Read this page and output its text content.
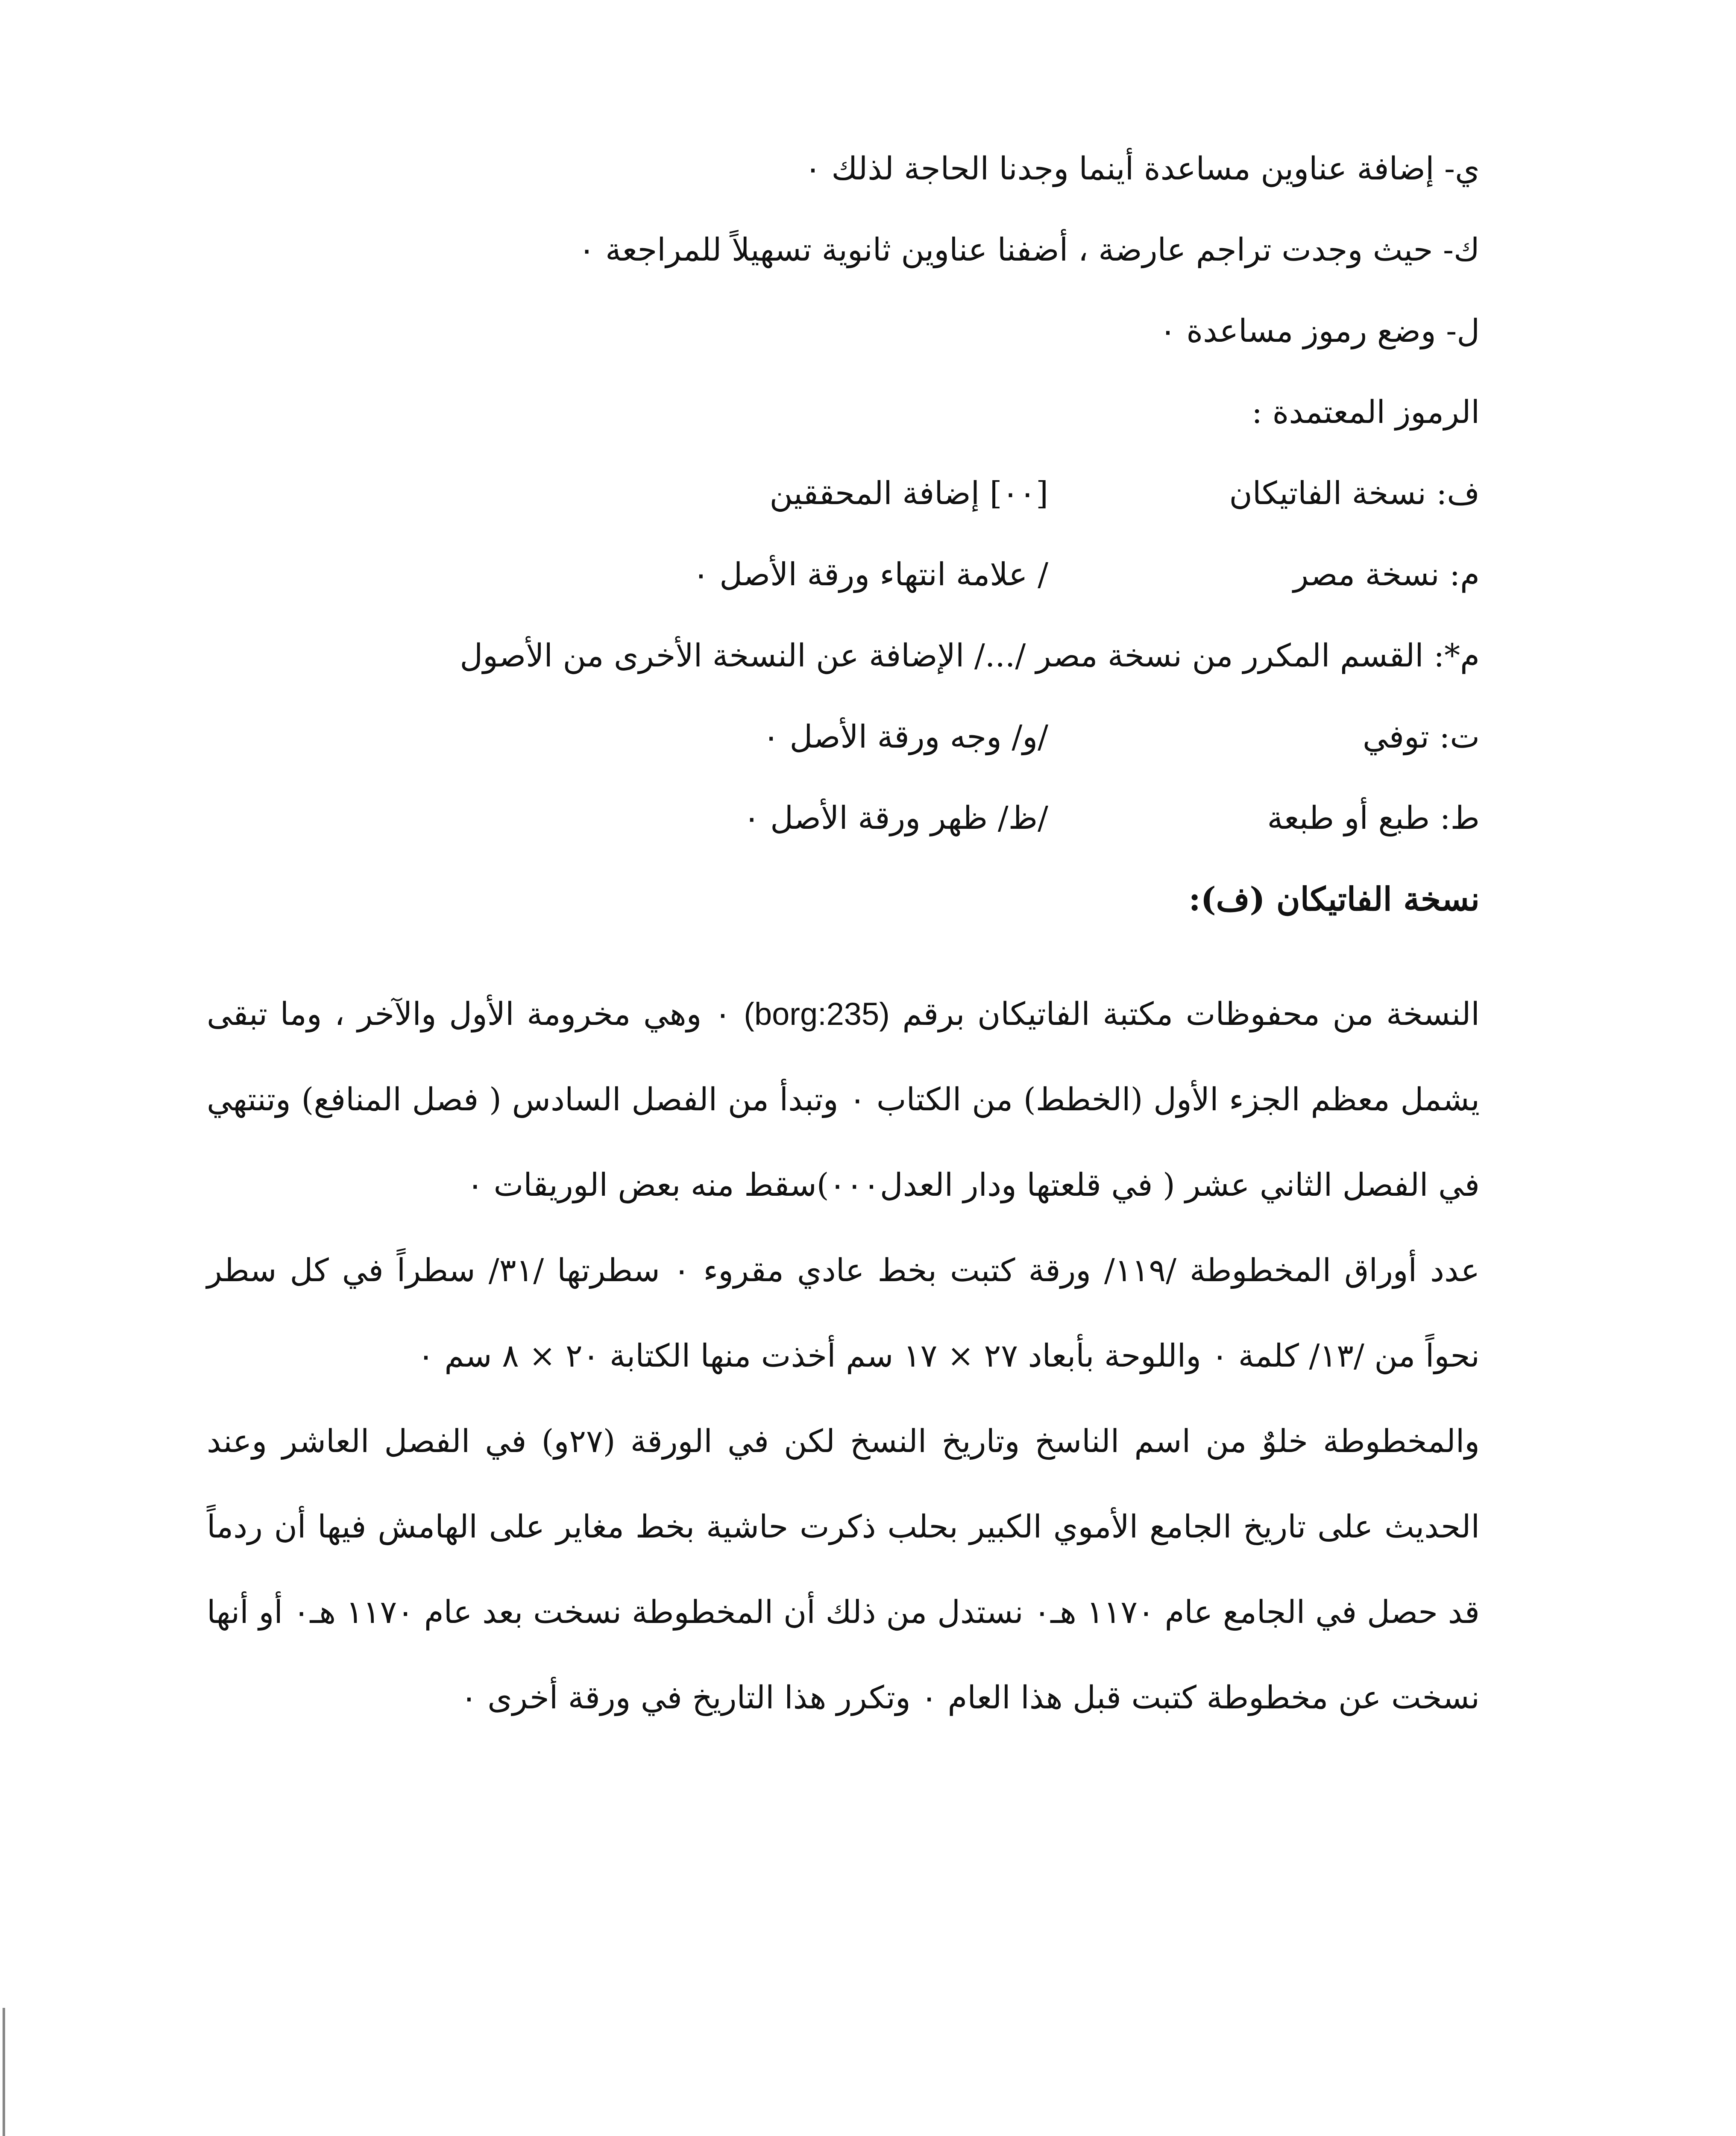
ي- إضافة عناوين مساعدة أينما وجدنا الحاجة لذلك ٠
ك- حيث وجدت تراجم عارضة ، أضفنا عناوين ثانوية تسهيلاً للمراجعة ٠
ل- وضع رموز مساعدة ٠
الرموز المعتمدة :
ف: نسخة الفاتيكان
[٠٠] إضافة المحققين
م: نسخة مصر
/ علامة انتهاء ورقة الأصل ٠
م*: القسم المكرر من نسخة مصر /.../ الإضافة عن النسخة الأخرى من الأصول
ت: توفي
/و/ وجه ورقة الأصل ٠
ط: طبع أو طبعة
/ظ/ ظهر ورقة الأصل ٠
نسخة الفاتيكان (ف):

النسخة من محفوظات مكتبة الفاتيكان برقم (borg:235) ٠ وهي مخرومة الأول والآخر ، وما تبقى يشمل معظم الجزء الأول (الخطط) من الكتاب ٠ وتبدأ من الفصل السادس ( فصل المنافع) وتنتهي في الفصل الثاني عشر ( في قلعتها ودار العدل٠٠٠)سقط منه بعض الوريقات ٠

عدد أوراق المخطوطة /١١٩/ ورقة كتبت بخط عادي مقروء ٠ سطرتها /٣١/ سطراً في كل سطر نحواً من /١٣/ كلمة ٠ واللوحة بأبعاد ٢٧ × ١٧ سم أخذت منها الكتابة ٢٠ × ٨ سم ٠

والمخطوطة خلوٌ من اسم الناسخ وتاريخ النسخ لكن في الورقة (٢٧و) في الفصل العاشر وعند الحديث على تاريخ الجامع الأموي الكبير بحلب ذكرت حاشية بخط مغاير على الهامش فيها أن ردماً قد حصل في الجامع عام ١١٧٠ هـ٠ نستدل من ذلك أن المخطوطة نسخت بعد عام ١١٧٠ هـ٠ أو أنها نسخت عن مخطوطة كتبت قبل هذا العام ٠ وتكرر هذا التاريخ في ورقة أخرى ٠
